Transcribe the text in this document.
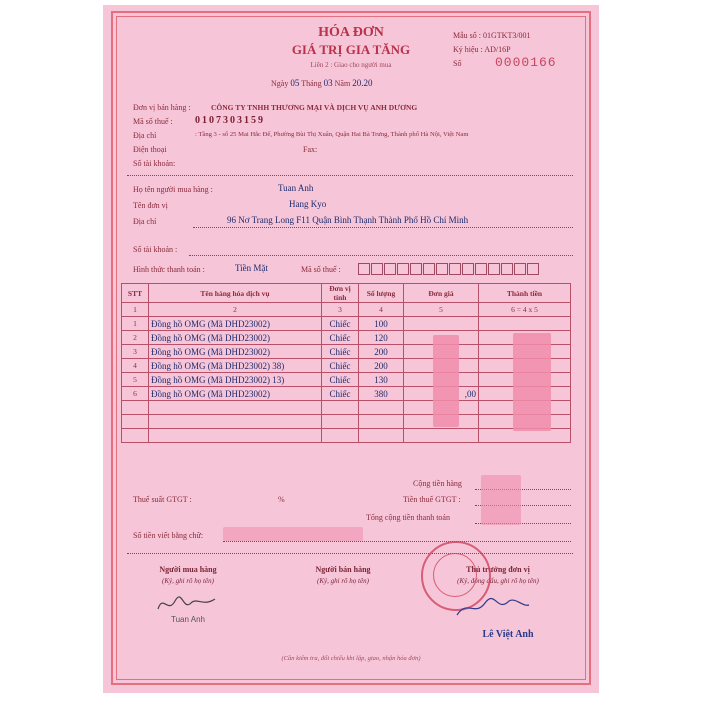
HÓA ĐƠN
GIÁ TRỊ GIA TĂNG
Liên 2 : Giao cho người mua
Ngày 05 Tháng 03 Năm 20.20
Mẫu số : 01GTKT3/001
Ký hiệu : AD/16P
Số	0000166
Đơn vị bán hàng :	CÔNG TY TNHH THƯƠNG MẠI VÀ DỊCH VỤ ANH DƯƠNG
Mã số thuế : 0107303159
Địa chỉ	: Tầng 3 - số 25 Mai Hắc Đế, Phường Bùi Thị Xuân, Quận Hai Bà Trưng, Thành phố Hà Nội, Việt Nam
Điện thoại	Fax:
Số tài khoản:
Họ tên người mua hàng :	Tuan Anh
Tên đơn vị	Hang Kyo
Địa chỉ	96 Nơ Trang Long F11 Quận Bình Thạnh Thành Phố Hồ Chí Minh
Số tài khoản :
Hình thức thanh toán :	Tiền Mặt	Mã số thuế :
STT	Tên hàng hóa dịch vụ	Đơn vị tính	Số lượng	Đơn giá	Thành tiền
1	2	3	4	5	6 = 4 x 5
1	Đồng hồ OMG (Mã DHD23002)	Chiếc	100		
2	Đồng hồ OMG (Mã DHD23002)	Chiếc	120		
3	Đồng hồ OMG (Mã DHD23002)	Chiếc	200		
4	Đồng hồ OMG (Mã DHD23002) 38)	Chiếc	200		
5	Đồng hồ OMG (Mã DHD23002) 13)	Chiếc	130		
6	Đồng hồ OMG (Mã DHD23002)	Chiếc	380	,00	

Cộng tiền hàng
Thuế suất GTGT :	%	Tiền thuế GTGT :
Tổng cộng tiền thanh toán
Số tiền viết bằng chữ:
Người mua hàng
(Ký, ghi rõ họ tên)
Tuan Anh
Người bán hàng
(Ký, ghi rõ họ tên)
Thủ trưởng đơn vị
(Ký, đóng dấu, ghi rõ họ tên)
Lê Việt Anh
(Cần kiểm tra, đối chiếu khi lập, giao, nhận hóa đơn)
